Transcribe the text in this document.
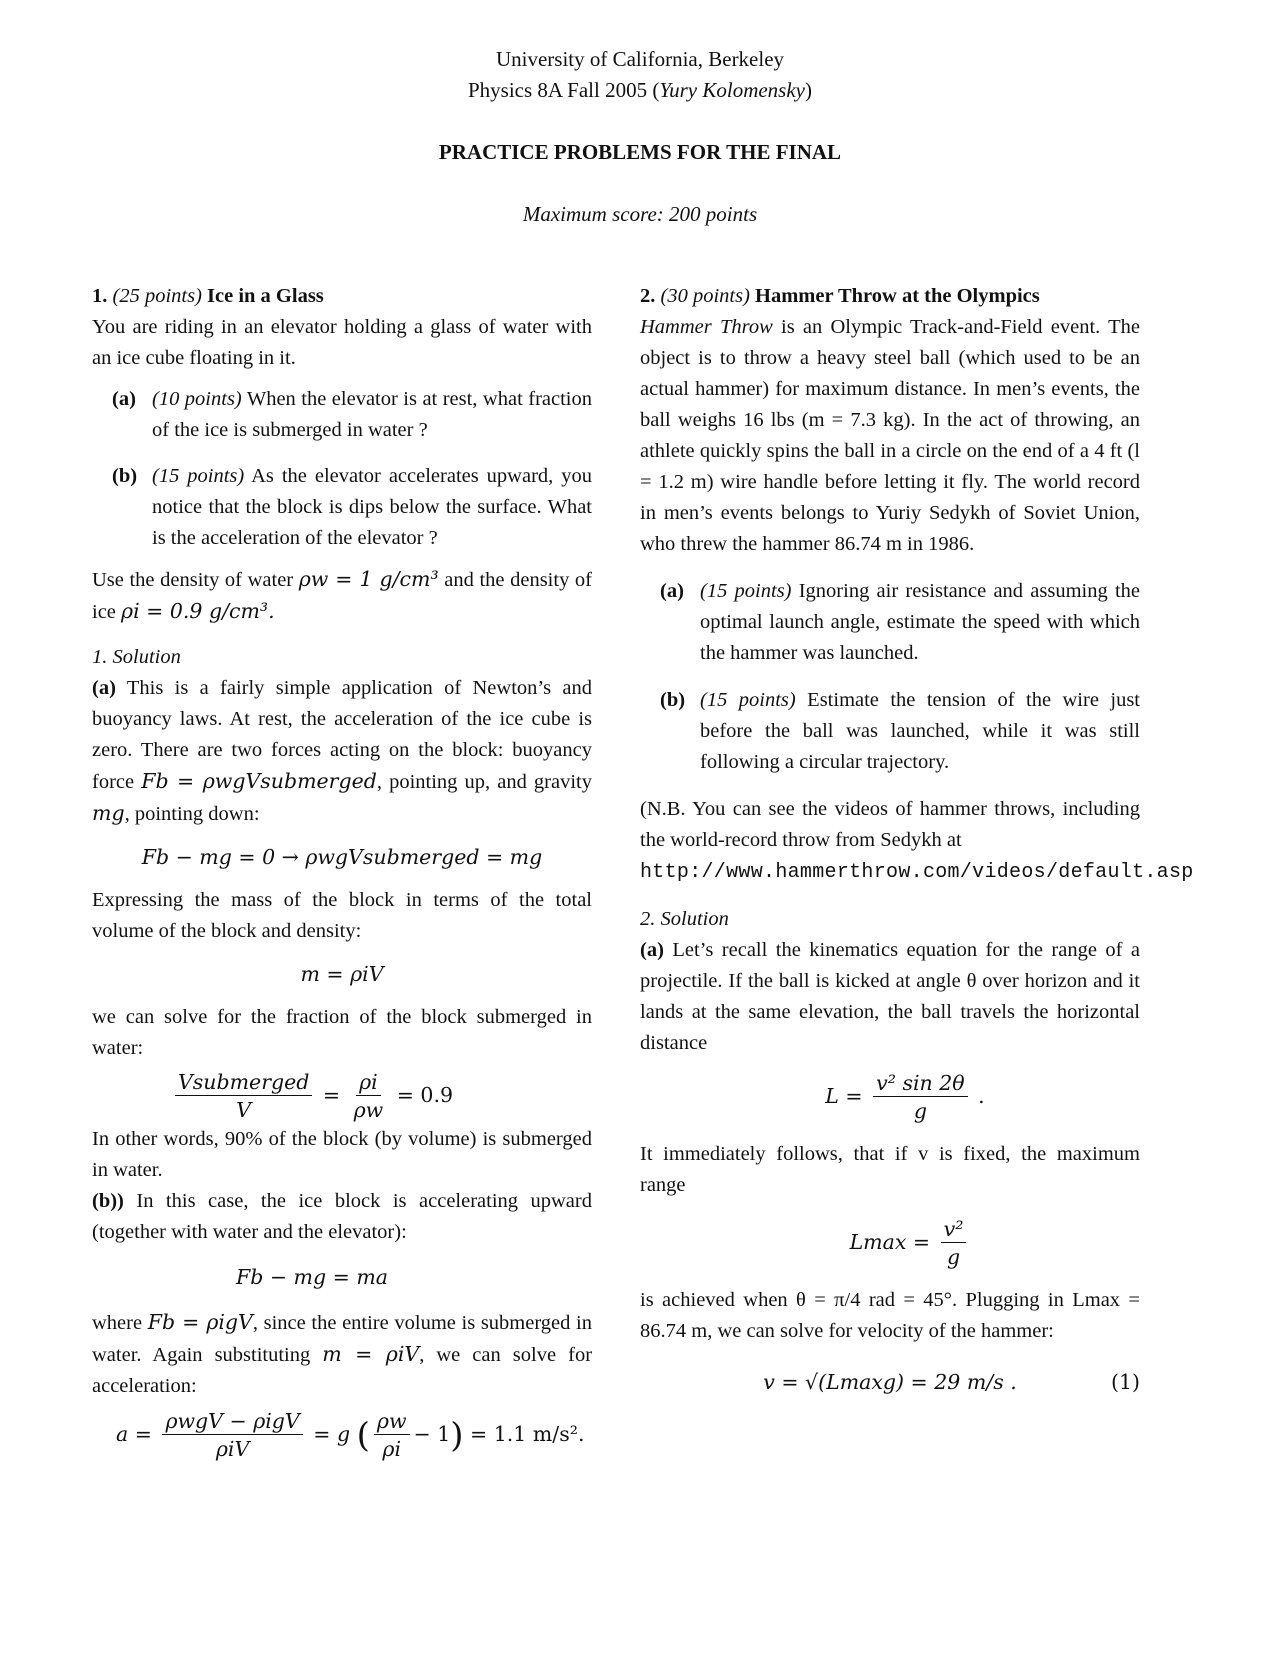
University of California, Berkeley
Physics 8A Fall 2005 (Yury Kolomensky)
PRACTICE PROBLEMS FOR THE FINAL
Maximum score: 200 points

1. (25 points) Ice in a Glass

You are riding in an elevator holding a glass of water with an ice cube floating in it.

(a) (10 points) When the elevator is at rest, what fraction of the ice is submerged in water ?
(b) (15 points) As the elevator accelerates upward, you notice that the block is dips below the surface. What is the acceleration of the elevator ?

Use the density of water ρw = 1 g/cm³ and the density of ice ρi = 0.9 g/cm³.

1. Solution

(a) This is a fairly simple application of Newton’s and buoyancy laws. At rest, the acceleration of the ice cube is zero. There are two forces acting on the block: buoyancy force Fb = ρwgVsubmerged, pointing up, and gravity mg, pointing down:

Fb − mg = 0 → ρwgVsubmerged = mg

Expressing the mass of the block in terms of the total volume of the block and density:

m = ρiV

we can solve for the fraction of the block submerged in water:

$\frac{\text{Vsubmerged}}{V} = \frac{\rho i}{\rho w} = 0.9$

In other words, 90% of the block (by volume) is submerged in water.

(b)) In this case, the ice block is accelerating upward (together with water and the elevator):

Fb − mg = ma

where Fb = ρigV, since the entire volume is submerged in water. Again substituting m = ρiV, we can solve for acceleration:

$a = \frac{\text{ρwgV − ρigV}}{\text{ρiV}} = g$ ( $\frac{\rho w}{\rho i} - 1) = 1.1$ m/s².

2. (30 points) Hammer Throw at the Olympics

Hammer Throw is an Olympic Track-and-Field event. The object is to throw a heavy steel ball (which used to be an actual hammer) for maximum distance. In men’s events, the ball weighs 16 lbs (m = 7.3 kg). In the act of throwing, an athlete quickly spins the ball in a circle on the end of a 4 ft (l = 1.2 m) wire handle before letting it fly. The world record in men’s events belongs to Yuriy Sedykh of Soviet Union, who threw the hammer 86.74 m in 1986.

(a) (15 points) Ignoring air resistance and assuming the optimal launch angle, estimate the speed with which the hammer was launched.
(b) (15 points) Estimate the tension of the wire just before the ball was launched, while it was still following a circular trajectory.

(N.B. You can see the videos of hammer throws, including the world-record throw from Sedykh at
http://www.hammerthrow.com/videos/default.asp

2. Solution

(a) Let’s recall the kinematics equation for the range of a projectile. If the ball is kicked at angle θ over horizon and it lands at the same elevation, the ball travels the horizontal distance

$L = \frac{\text{v² sin 2θ}}{g}$ .

It immediately follows, that if v is fixed, the maximum range

$Lmax = \frac{\text{v²}}{g}$

is achieved when θ = π/4 rad = 45°. Plugging in Lmax = 86.74 m, we can solve for velocity of the hammer:

v = √(Lmaxg) = 29 m/s .	(1)
